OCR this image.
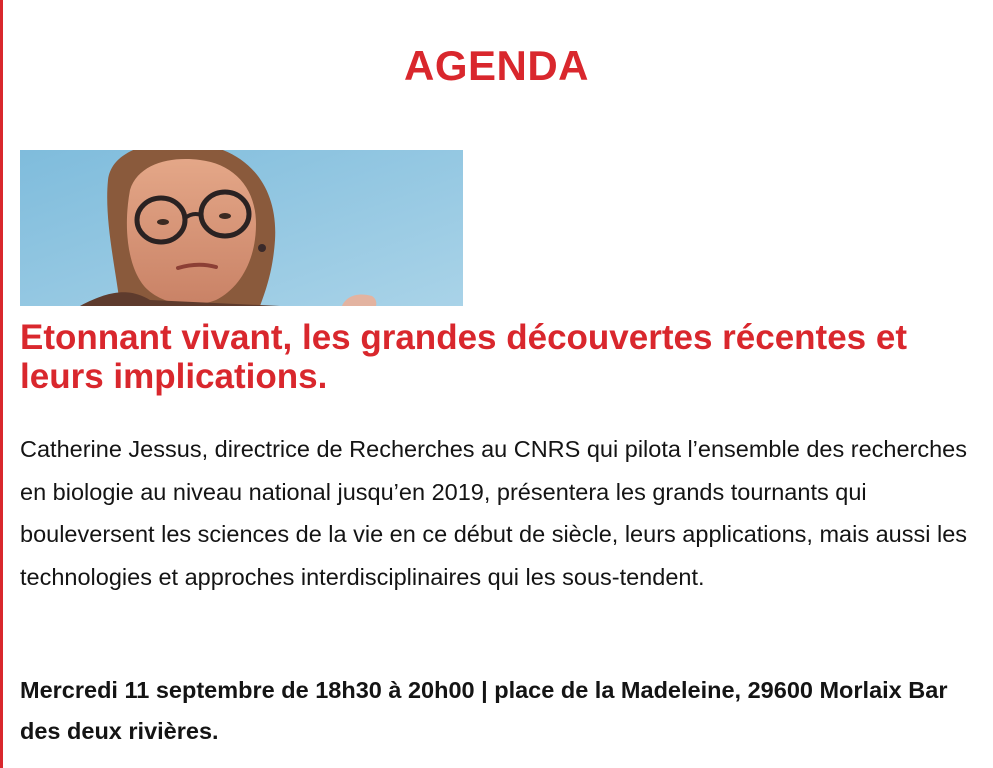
AGENDA
Etonnant vivant, les grandes découvertes récentes et leurs implications.

Catherine Jessus, directrice de Recherches au CNRS qui pilota l’ensemble des recherches en biologie au niveau national jusqu’en 2019, présentera les grands tournants qui bouleversent les sciences de la vie en ce début de siècle, leurs applications, mais aussi les technologies et approches interdisciplinaires qui les sous-tendent.

Mercredi 11 septembre de 18h30 à 20h00 | place de la Madeleine, 29600 Morlaix Bar des deux rivières.
